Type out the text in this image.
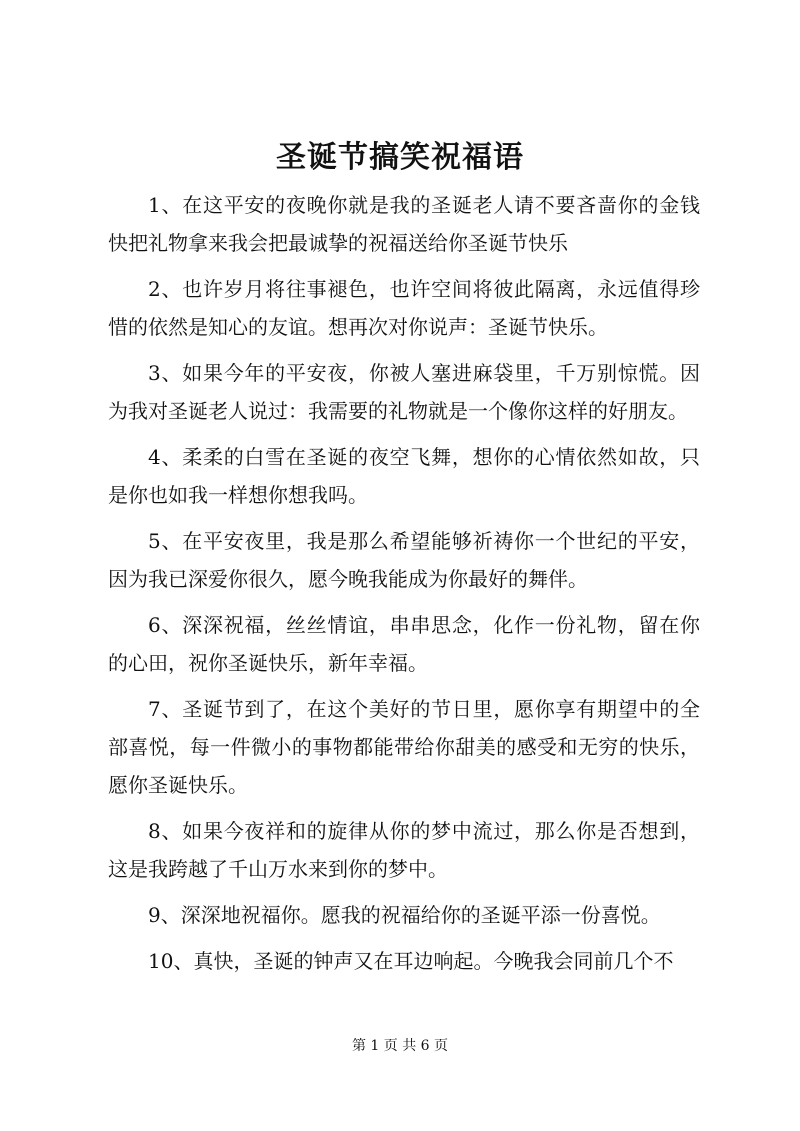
圣诞节搞笑祝福语

1、在这平安的夜晚你就是我的圣诞老人请不要吝啬你的金钱快把礼物拿来我会把最诚挚的祝福送给你圣诞节快乐

2、也许岁月将往事褪色，也许空间将彼此隔离，永远值得珍惜的依然是知心的友谊。想再次对你说声：圣诞节快乐。

3、如果今年的平安夜，你被人塞进麻袋里，千万别惊慌。因为我对圣诞老人说过：我需要的礼物就是一个像你这样的好朋友。

4、柔柔的白雪在圣诞的夜空飞舞，想你的心情依然如故，只是你也如我一样想你想我吗。

5、在平安夜里，我是那么希望能够祈祷你一个世纪的平安，因为我已深爱你很久，愿今晚我能成为你最好的舞伴。

6、深深祝福，丝丝情谊，串串思念，化作一份礼物，留在你的心田，祝你圣诞快乐，新年幸福。

7、圣诞节到了，在这个美好的节日里，愿你享有期望中的全部喜悦，每一件微小的事物都能带给你甜美的感受和无穷的快乐，愿你圣诞快乐。

8、如果今夜祥和的旋律从你的梦中流过，那么你是否想到，这是我跨越了千山万水来到你的梦中。

9、深深地祝福你。愿我的祝福给你的圣诞平添一份喜悦。

10、真快，圣诞的钟声又在耳边响起。今晚我会同前几个不

第 1 页 共 6 页
